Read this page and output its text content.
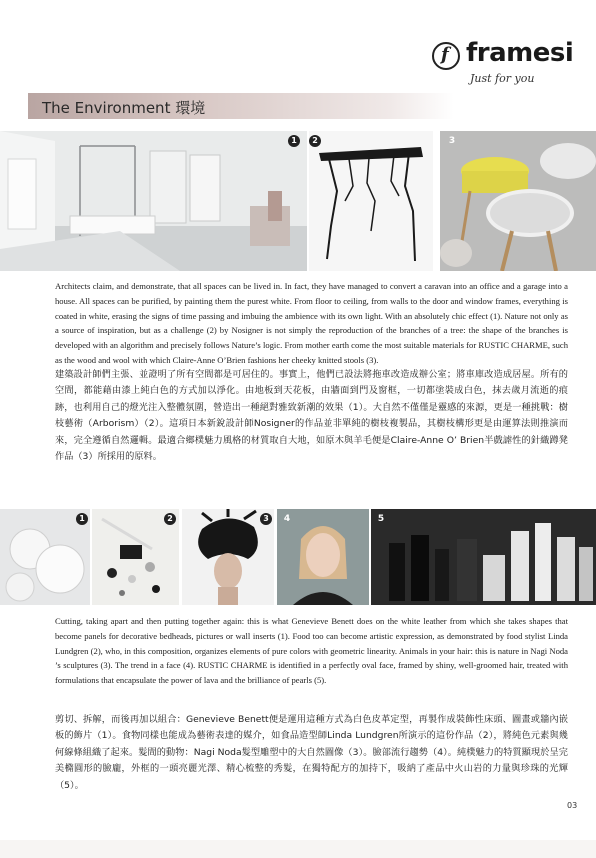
f framesi
Just for you
The Environment 環境
1	2	3
Architects claim, and demonstrate, that all spaces can be lived in. In fact, they have managed to convert a caravan into an office and a garage into a house. All spaces can be purified, by painting them the purest white. From floor to ceiling, from walls to the door and window frames, everything is coated in white, erasing the signs of time passing and imbuing the ambience with its own light. With an absolutely chic effect (1). Nature not only as a source of inspiration, but as a challenge (2) by Nosigner is not simply the reproduction of the branches of a tree: the shape of the branches is developed with an algorithm and precisely follows Nature’s logic. From mother earth come the most suitable materials for RUSTIC CHARME, such as the wood and wool with which Claire-Anne O’Brien fashions her cheeky knitted stools (3).
建築設計師們主張、並證明了所有空間都是可居住的。事實上，他們已設法將拖車改造成辦公室；將車庫改造成居屋。所有的空間，都能藉由漆上純白色的方式加以淨化。由地板到天花板，由牆面到門及窗框，一切都塗裝成白色，抹去歲月流逝的痕跡，也利用自己的燈光注入整體氛圍，營造出一種絕對雅致新潮的效果（1）。大自然不僅僅是靈感的來源，更是一種挑戰：樹枝藝術（Arborism）（2）。這項日本新銳設計師Nosigner的作品並非單純的樹枝複製品，其樹枝構形更是由運算法則推演而來，完全遵循自然邏輯。最適合鄉樸魅力風格的材質取自大地，如原木與羊毛便是Claire-Anne O’ Brien半戲謔性的針織蹲凳作品（3）所採用的原料。
1	2	3	4	5
Cutting, taking apart and then putting together again: this is what Genevieve Benett does on the white leather from which she takes shapes that become panels for decorative bedheads, pictures or wall inserts (1). Food too can become artistic expression, as demonstrated by food stylist Linda Lundgren (2), who, in this composition, organizes elements of pure colors with geometric linearity. Animals in your hair: this is nature in Nagi Noda ’s sculptures (3). The trend in a face (4). RUSTIC CHARME is identified in a perfectly oval face, framed by shiny, well-groomed hair, treated with formulations that encapsulate the power of lava and the brilliance of pearls (5).
剪切、拆解，而後再加以組合：Genevieve Benett便是運用這種方式為白色皮革定型，再製作成裝飾性床頭、圖畫或牆內嵌板的飾片（1）。食物同樣也能成為藝術表達的媒介，如食品造型師Linda Lundgren所演示的這份作品（2），將純色元素與幾何線條組織了起來。髮間的動物：Nagi Noda髮型雕塑中的大自然圖像（3）。臉部流行趨勢（4）。純樸魅力的特質顯現於呈完美橢圓形的臉龐，外框的一頭亮麗光澤、精心梳整的秀髮，在獨特配方的加持下，吸納了產品中火山岩的力量與珍珠的光輝（5）。
03
